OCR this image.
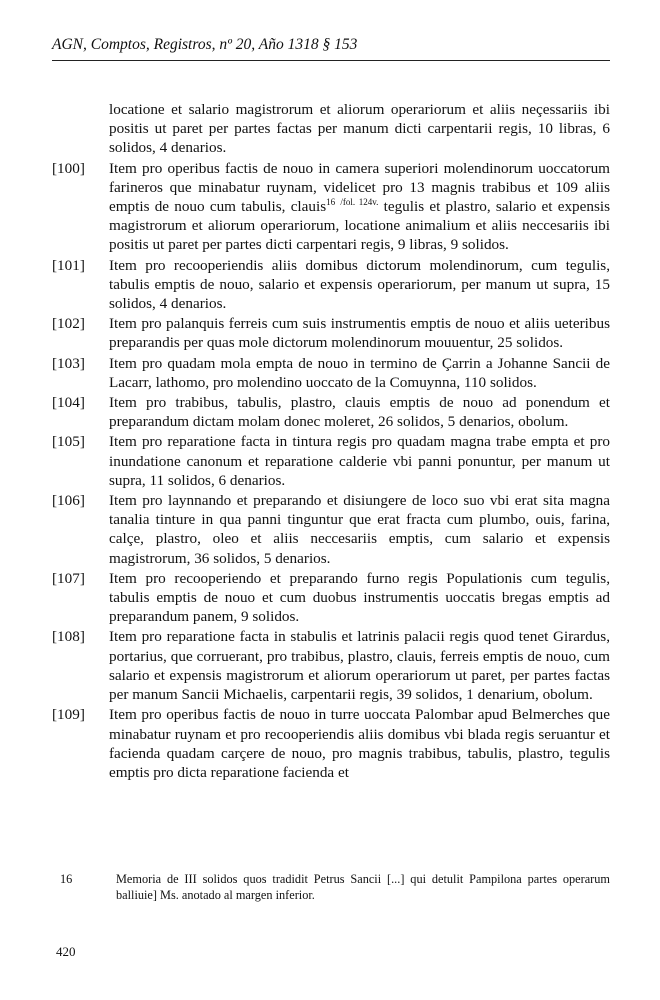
AGN, Comptos, Registros, nº 20, Año 1318 § 153
locatione et salario magistrorum et aliorum operariorum et aliis neçessariis ibi positis ut paret per partes factas per manum dicti carpentarii regis, 10 libras, 6 solidos, 4 denarios.
[100]	Item pro operibus factis de nouo in camera superiori molendinorum uoccatorum farineros que minabatur ruynam, videlicet pro 13 magnis trabibus et 109 aliis emptis de nouo cum tabulis, clauis$^{16}$ $^{/fol. 124v.}$ tegulis et plastro, salario et expensis magistrorum et aliorum operariorum, locatione animalium et aliis neccesariis ibi positis ut paret per partes dicti carpentari regis, 9 libras, 9 solidos.
[101]	Item pro recooperiendis aliis domibus dictorum molendinorum, cum tegulis, tabulis emptis de nouo, salario et expensis operariorum, per manum ut supra, 15 solidos, 4 denarios.
[102]	Item pro palanquis ferreis cum suis instrumentis emptis de nouo et aliis ueteribus preparandis per quas mole dictorum molendinorum mouuentur, 25 solidos.
[103]	Item pro quadam mola empta de nouo in termino de Çarrin a Johanne Sancii de Lacarr, lathomo, pro molendino uoccato de la Comuynna, 110 solidos.
[104]	Item pro trabibus, tabulis, plastro, clauis emptis de nouo ad ponendum et preparandum dictam molam donec moleret, 26 solidos, 5 denarios, obolum.
[105]	Item pro reparatione facta in tintura regis pro quadam magna trabe empta et pro inundatione canonum et reparatione calderie vbi panni ponuntur, per manum ut supra, 11 solidos, 6 denarios.
[106]	Item pro laynnando et preparando et disiungere de loco suo vbi erat sita magna tanalia tinture in qua panni tinguntur que erat fracta cum plumbo, ouis, farina, calçe, plastro, oleo et aliis neccesariis emptis, cum salario et expensis magistrorum, 36 solidos, 5 denarios.
[107]	Item pro recooperiendo et preparando furno regis Populationis cum tegulis, tabulis emptis de nouo et cum duobus instrumentis uoccatis bregas emptis ad preparandum panem, 9 solidos.
[108]	Item pro reparatione facta in stabulis et latrinis palacii regis quod tenet Girardus, portarius, que corruerant, pro trabibus, plastro, clauis, ferreis emptis de nouo, cum salario et expensis magistrorum et aliorum operariorum ut paret, per partes factas per manum Sancii Michaelis, carpentarii regis, 39 solidos, 1 denarium, obolum.
[109]	Item pro operibus factis de nouo in turre uoccata Palombar apud Belmerches que minabatur ruynam et pro recooperiendis aliis domibus vbi blada regis seruantur et facienda quadam carçere de nouo, pro magnis trabibus, tabulis, plastro, tegulis emptis pro dicta reparatione facienda et
16	Memoria de III solidos quos tradidit Petrus Sancii [...] qui detulit Pampilona partes operarum balliuie] Ms. anotado al margen inferior.
420
